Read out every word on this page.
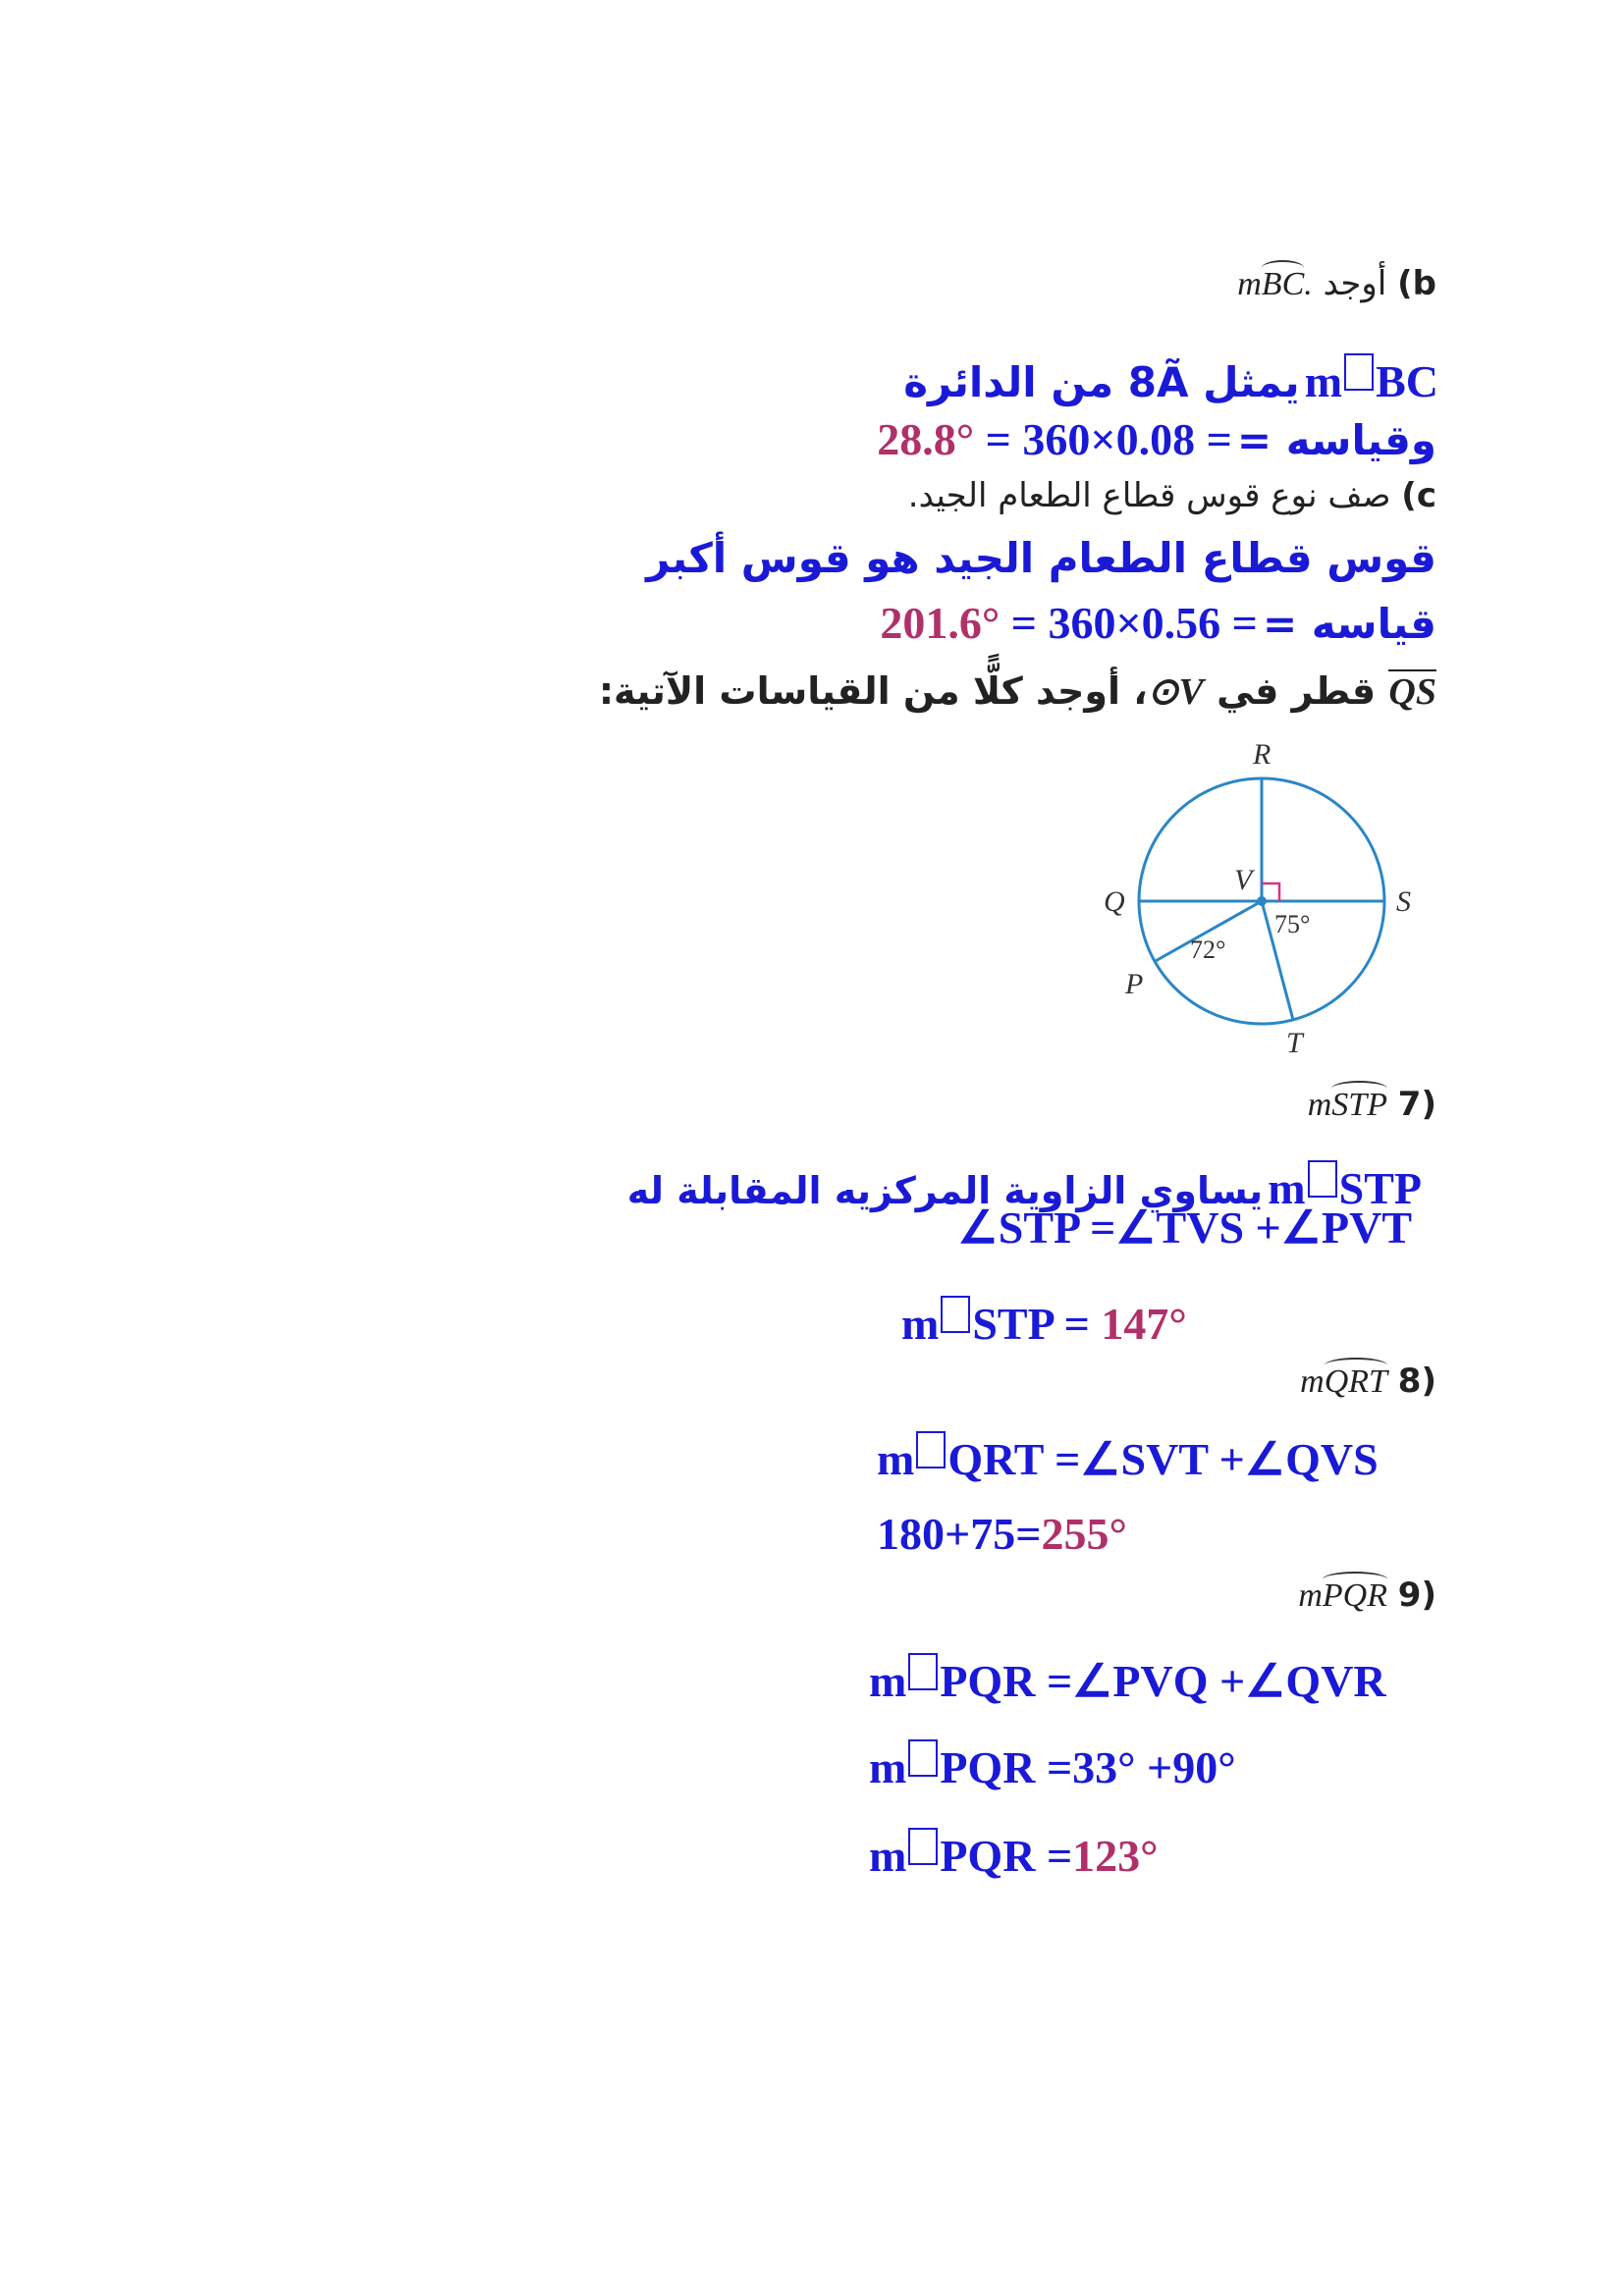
b) أوجد mBC.
m BC يمثل 8Ã من الدائرة
وقياسه = 28.8° = 360×0.08 =
c) صف نوع قوس قطاع الطعام الجيد.
قوس قطاع الطعام الجيد هو قوس أكبر
قياسه = 201.6° = 360×0.56 =
QS قطر في ⊙V، أوجد كلًّا من القياسات الآتية:
R
S
Q
P
T
V
75°
72°
(7 mSTP
m STP يساوي الزاوية المركزيه المقابلة له
∠STP =∠TVS +∠PVT
m STP = 147°
(8 mQRT
m QRT =∠SVT +∠QVS
180+75=255°
(9 mPQR
m PQR =∠PVQ +∠QVR
m PQR =33° +90°
m PQR =123°
